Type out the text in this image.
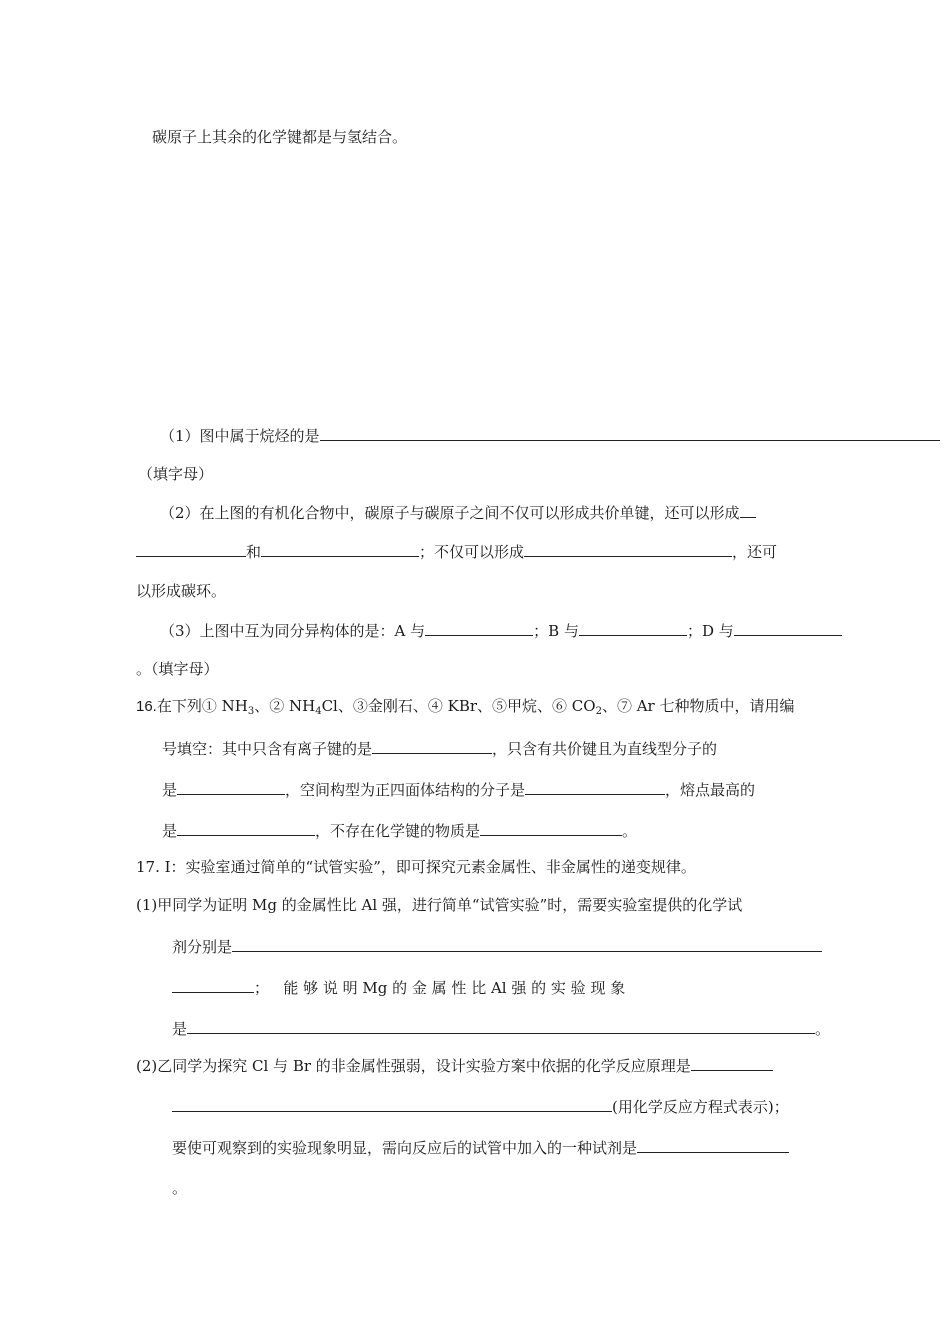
碳原子上其余的化学键都是与氢结合。
（1）图中属于烷烃的是
（填字母）
（2）在上图的有机化合物中，碳原子与碳原子之间不仅可以形成共价单键，还可以形成
和	；不仅可以形成	，还可
以形成碳环。
（3）上图中互为同分异构体的是：A 与	；B 与	；D 与
。（填字母）
16.在下列① $NH_3$、② $NH_4Cl$、③金刚石、④ KBr、⑤甲烷、⑥ $CO_2$、⑦ Ar 七种物质中，请用编
号填空：其中只含有离子键的是	，只含有共价键且为直线型分子的
是	，空间构型为正四面体结构的分子是	，熔点最高的
是	，不存在化学键的物质是	。
17. Ⅰ：实验室通过简单的“试管实验”，即可探究元素金属性、非金属性的递变规律。
(1)甲同学为证明 Mg 的金属性比 Al 强，进行简单“试管实验”时，需要实验室提供的化学试
剂分别是
； 能 够 说 明 Mg 的 金 属 性 比 Al 强 的 实 验 现 象
是	。
(2)乙同学为探究 Cl 与 Br 的非金属性强弱，设计实验方案中依据的化学反应原理是
(用化学反应方程式表示)；
要使可观察到的实验现象明显，需向反应后的试管中加入的一种试剂是
。
